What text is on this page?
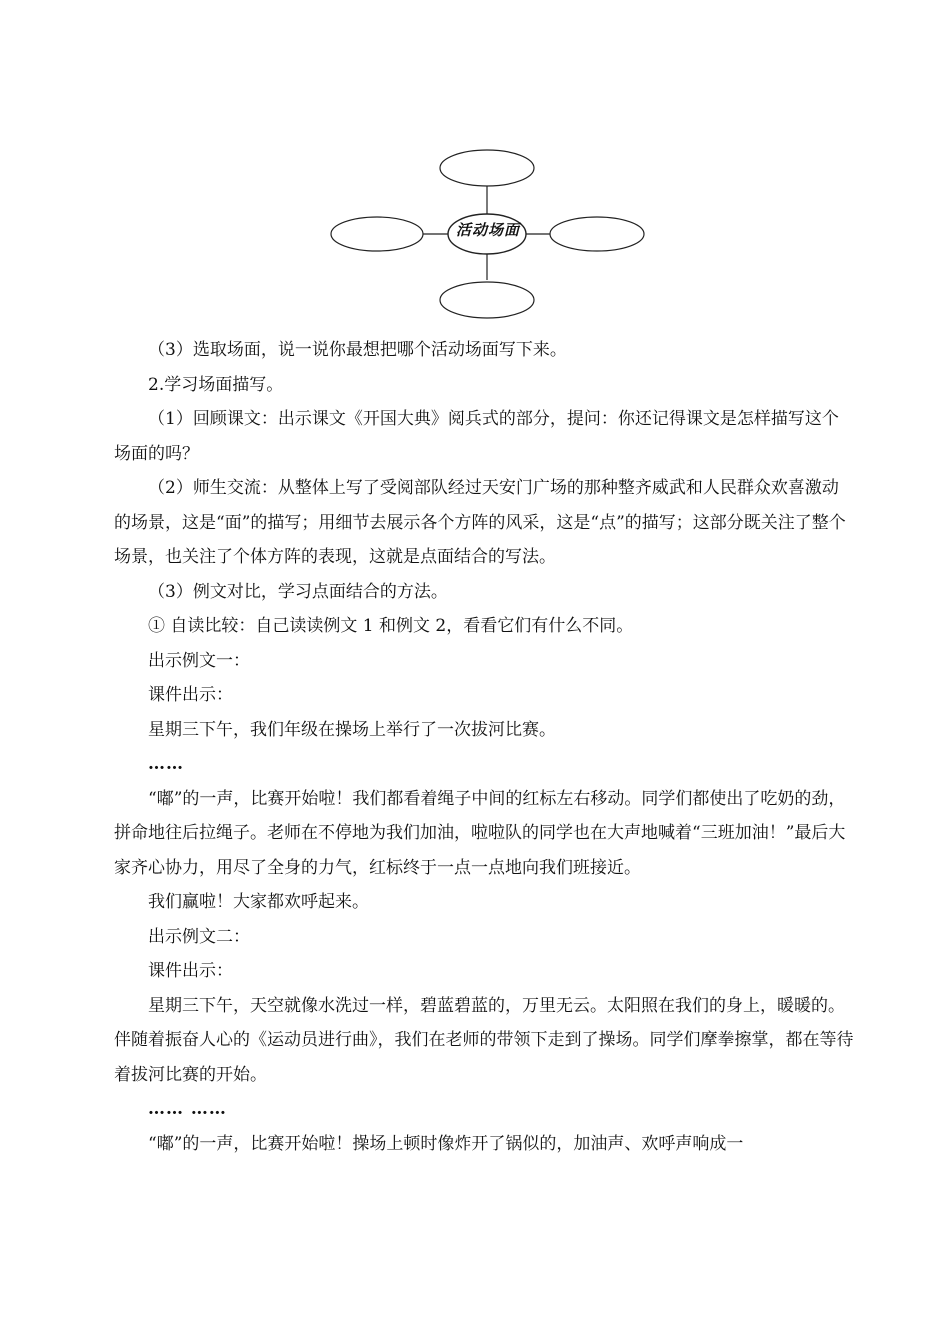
活动场面

（3）选取场面，说一说你最想把哪个活动场面写下来。

2.学习场面描写。

（1）回顾课文：出示课文《开国大典》阅兵式的部分，提问：你还记得课文是怎样描写这个场面的吗？

（2）师生交流：从整体上写了受阅部队经过天安门广场的那种整齐威武和人民群众欢喜激动的场景，这是“面”的描写；用细节去展示各个方阵的风采，这是“点”的描写；这部分既关注了整个场景，也关注了个体方阵的表现，这就是点面结合的写法。

（3）例文对比，学习点面结合的方法。

① 自读比较：自己读读例文 1 和例文 2，看看它们有什么不同。

出示例文一：

课件出示：

星期三下午，我们年级在操场上举行了一次拔河比赛。

……

“嘟”的一声，比赛开始啦！我们都看着绳子中间的红标左右移动。同学们都使出了吃奶的劲，拼命地往后拉绳子。老师在不停地为我们加油，啦啦队的同学也在大声地喊着“三班加油！”最后大家齐心协力，用尽了全身的力气，红标终于一点一点地向我们班接近。

我们赢啦！大家都欢呼起来。

出示例文二：

课件出示：

星期三下午，天空就像水洗过一样，碧蓝碧蓝的，万里无云。太阳照在我们的身上，暖暖的。伴随着振奋人心的《运动员进行曲》，我们在老师的带领下走到了操场。同学们摩拳擦掌，都在等待着拔河比赛的开始。

…… ……

“嘟”的一声，比赛开始啦！操场上顿时像炸开了锅似的，加油声、欢呼声响成一
